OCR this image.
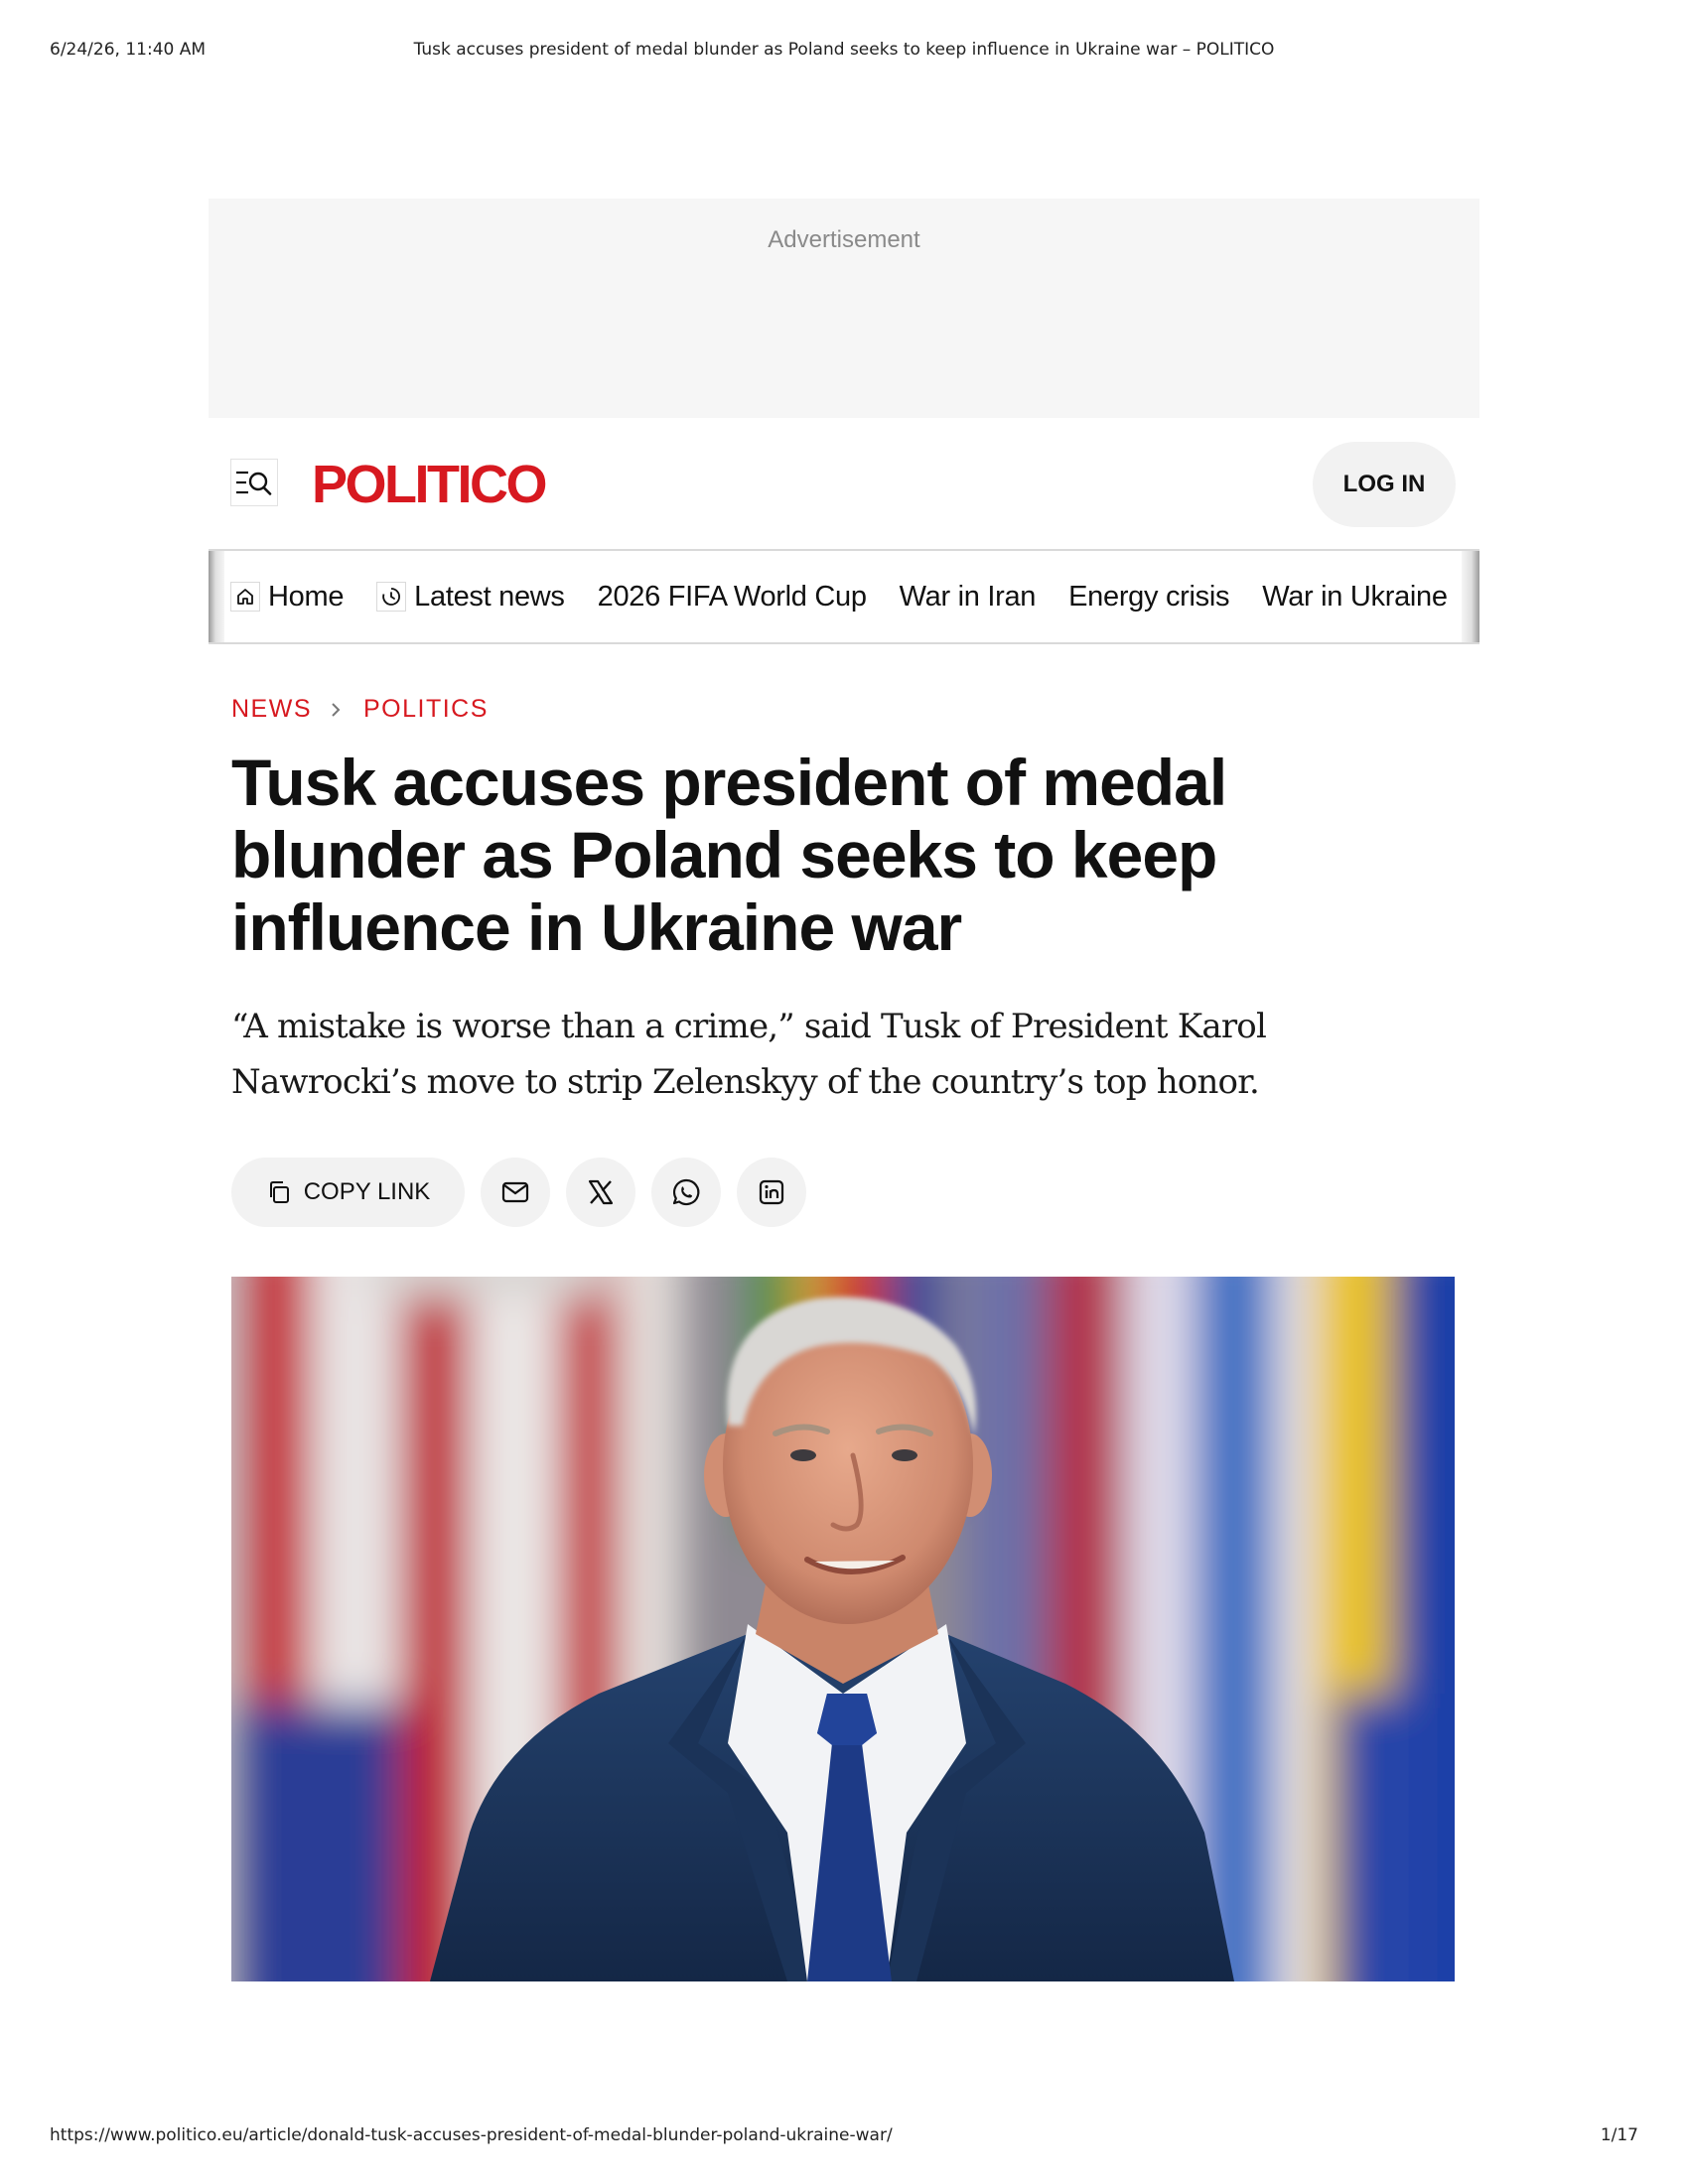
6/24/26, 11:40 AM	Tusk accuses president of medal blunder as Poland seeks to keep influence in Ukraine war – POLITICO
Advertisement
POLITICO	LOG IN
Home Latest news 2026 FIFA World Cup War in Iran Energy crisis War in Ukraine
NEWS POLITICS
Tusk accuses president of medal blunder as Poland seeks to keep influence in Ukraine war

“A mistake is worse than a crime,” said Tusk of President Karol Nawrocki’s move to strip Zelenskyy of the country’s top honor.

COPY LINK
https://www.politico.eu/article/donald-tusk-accuses-president-of-medal-blunder-poland-ukraine-war/	1/17
